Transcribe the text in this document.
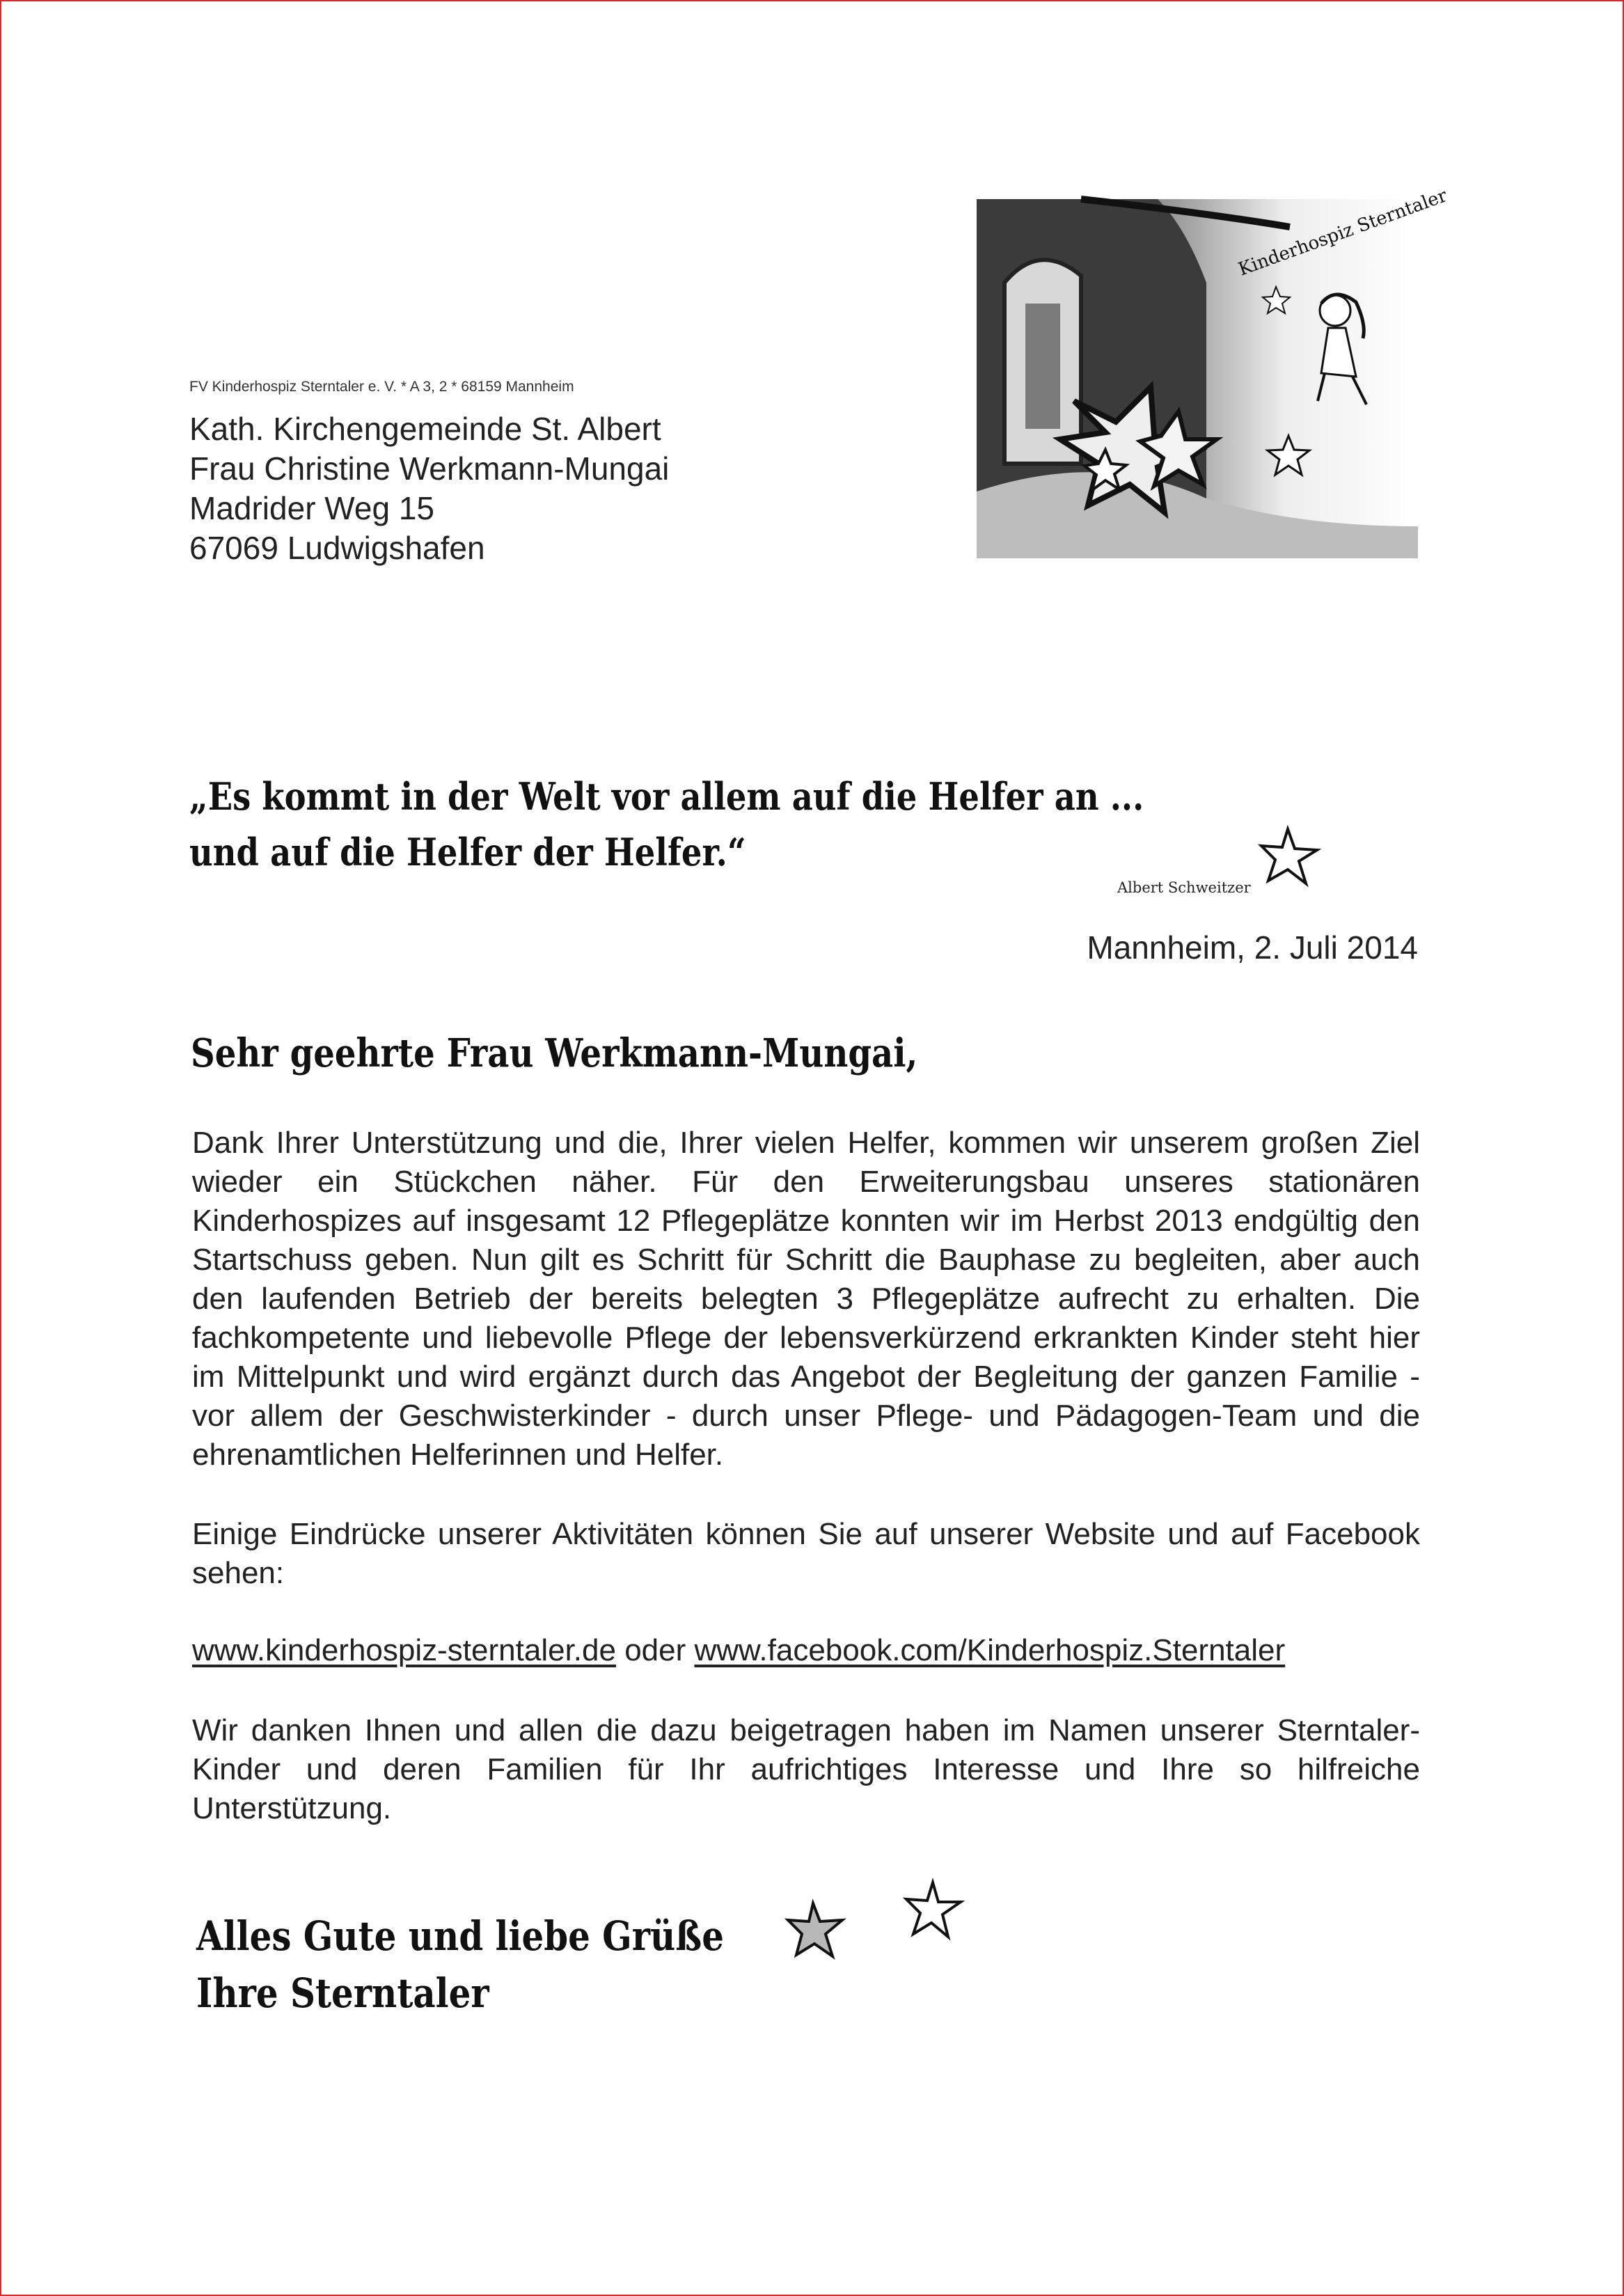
FV Kinderhospiz Sterntaler e. V. * A 3, 2 * 68159 Mannheim
Kath. Kirchengemeinde St. Albert
Frau Christine Werkmann-Mungai
Madrider Weg 15
67069 Ludwigshafen
Kinderhospiz Sterntaler
„Es kommt in der Welt vor allem auf die Helfer an ...
und auf die Helfer der Helfer.“
Albert Schweitzer
Mannheim, 2. Juli 2014
Sehr geehrte Frau Werkmann-Mungai,
Dank Ihrer Unterstützung und die, Ihrer vielen Helfer, kommen wir unserem großen Ziel wieder ein Stückchen näher. Für den Erweiterungsbau unseres stationären Kinderhospizes auf insgesamt 12 Pflegeplätze konnten wir im Herbst 2013 endgültig den Startschuss geben. Nun gilt es Schritt für Schritt die Bauphase zu begleiten, aber auch den laufenden Betrieb der bereits belegten 3 Pflegeplätze aufrecht zu erhalten. Die fachkompetente und liebevolle Pflege der lebensverkürzend erkrankten Kinder steht hier im Mittelpunkt und wird ergänzt durch das Angebot der Begleitung der ganzen Familie - vor allem der Geschwisterkinder - durch unser Pflege- und Pädagogen-Team und die ehrenamtlichen Helferinnen und Helfer.
Einige Eindrücke unserer Aktivitäten können Sie auf unserer Website und auf Facebook sehen:
www.kinderhospiz-sterntaler.de oder www.facebook.com/Kinderhospiz.Sterntaler
Wir danken Ihnen und allen die dazu beigetragen haben im Namen unserer Sterntaler-Kinder und deren Familien für Ihr aufrichtiges Interesse und Ihre so hilfreiche Unterstützung.
Alles Gute und liebe Grüße
Ihre Sterntaler
